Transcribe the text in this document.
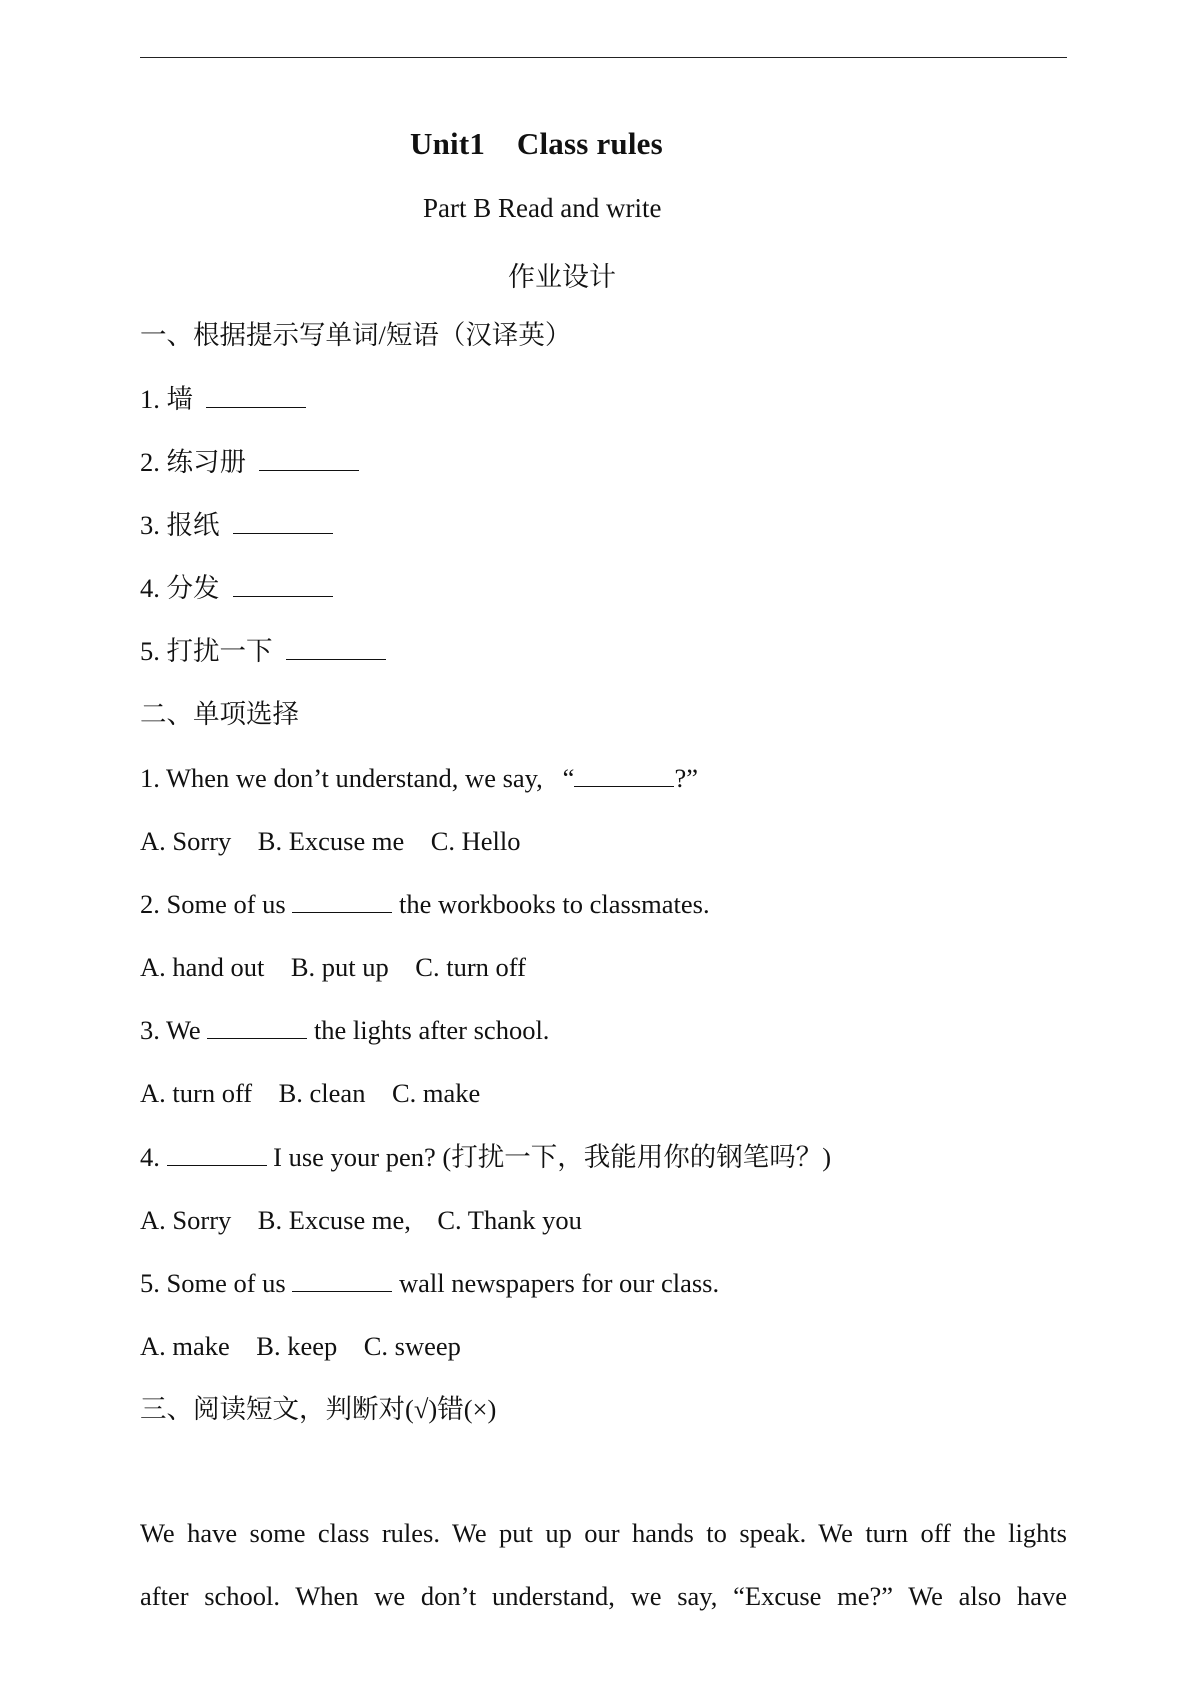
Unit1    Class rules
Part B Read and write
作业设计
一、根据提示写单词/短语（汉译英）
1. 墙
2. 练习册
3. 报纸
4. 分发
5. 打扰一下
二、单项选择
1. When we don’t understand, we say,   “	?”
A. Sorry    B. Excuse me    C. Hello
2. Some of us	the workbooks to classmates.
A. hand out    B. put up    C. turn off
3. We	the lights after school.
A. turn off    B. clean    C. make
4.	I use your pen? (打扰一下，我能用你的钢笔吗？)
A. Sorry    B. Excuse me,    C. Thank you
5. Some of us	wall newspapers for our class.
A. make    B. keep    C. sweep
三、阅读短文，判断对(√)错(×)
We have some class rules. We put up our hands to speak. We turn off the lights
after school. When we don’t understand, we say, “Excuse me?” We also have
